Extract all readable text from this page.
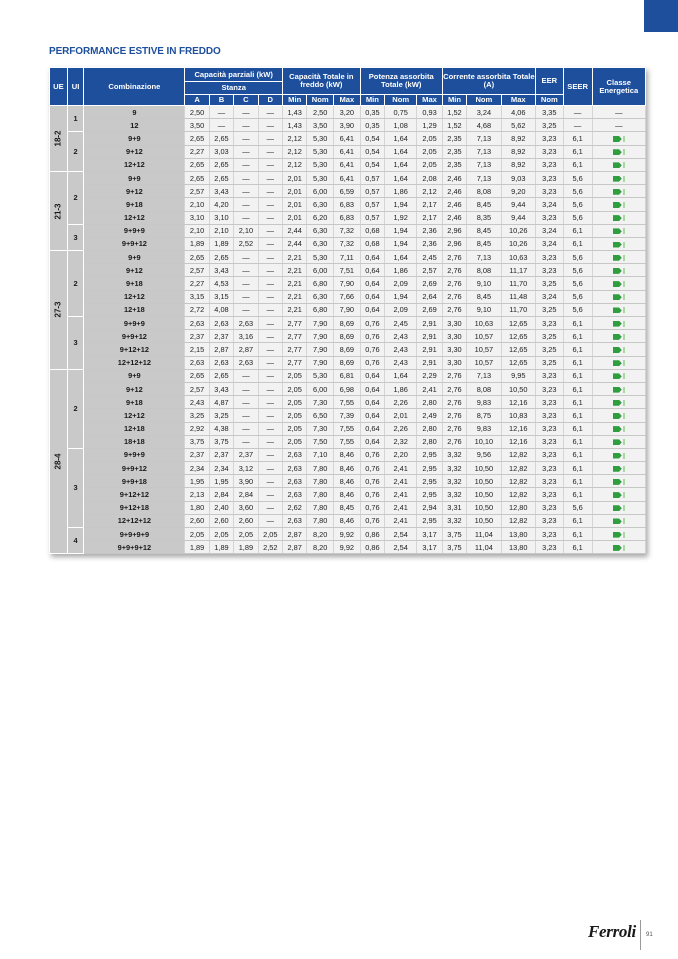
PERFORMANCE ESTIVE IN FREDDO
UE	UI	Combinazione	Capacità parziali (kW)				Capacità Totale in freddo (kW)			Potenza assorbita Totale (kW)			Corrente assorbita Totale (A)			EER	SEER	Classe Energetica
			Stanza															
			A	B	C	D	Min	Nom	Max	Min	Nom	Max	Min	Nom	Max	Nom		
18-2	1	9	2,50	—	—	—	1,43	2,50	3,20	0,35	0,75	0,93	1,52	3,24	4,06	3,35	—	—
		12	3,50	—	—	—	1,43	3,50	3,90	0,35	1,08	1,29	1,52	4,68	5,62	3,25	—	—
	2	9+9	2,65	2,65	—	—	2,12	5,30	6,41	0,54	1,64	2,05	2,35	7,13	8,92	3,23	6,1	

		9+12	2,27	3,03	—	—	2,12	5,30	6,41	0,54	1,64	2,05	2,35	7,13	8,92	3,23	6,1	

		12+12	2,65	2,65	—	—	2,12	5,30	6,41	0,54	1,64	2,05	2,35	7,13	8,92	3,23	6,1	

21-3	2	9+9	2,65	2,65	—	—	2,01	5,30	6,41	0,57	1,64	2,08	2,46	7,13	9,03	3,23	5,6	

		9+12	2,57	3,43	—	—	2,01	6,00	6,59	0,57	1,86	2,12	2,46	8,08	9,20	3,23	5,6	

		9+18	2,10	4,20	—	—	2,01	6,30	6,83	0,57	1,94	2,17	2,46	8,45	9,44	3,24	5,6	

		12+12	3,10	3,10	—	—	2,01	6,20	6,83	0,57	1,92	2,17	2,46	8,35	9,44	3,23	5,6	

	3	9+9+9	2,10	2,10	2,10	—	2,44	6,30	7,32	0,68	1,94	2,36	2,96	8,45	10,26	3,24	6,1	

		9+9+12	1,89	1,89	2,52	—	2,44	6,30	7,32	0,68	1,94	2,36	2,96	8,45	10,26	3,24	6,1	

27-3	2	9+9	2,65	2,65	—	—	2,21	5,30	7,11	0,64	1,64	2,45	2,76	7,13	10,63	3,23	5,6	

		9+12	2,57	3,43	—	—	2,21	6,00	7,51	0,64	1,86	2,57	2,76	8,08	11,17	3,23	5,6	

		9+18	2,27	4,53	—	—	2,21	6,80	7,90	0,64	2,09	2,69	2,76	9,10	11,70	3,25	5,6	

		12+12	3,15	3,15	—	—	2,21	6,30	7,66	0,64	1,94	2,64	2,76	8,45	11,48	3,24	5,6	

		12+18	2,72	4,08	—	—	2,21	6,80	7,90	0,64	2,09	2,69	2,76	9,10	11,70	3,25	5,6	

	3	9+9+9	2,63	2,63	2,63	—	2,77	7,90	8,69	0,76	2,45	2,91	3,30	10,63	12,65	3,23	6,1	

		9+9+12	2,37	2,37	3,16	—	2,77	7,90	8,69	0,76	2,43	2,91	3,30	10,57	12,65	3,25	6,1	

		9+12+12	2,15	2,87	2,87	—	2,77	7,90	8,69	0,76	2,43	2,91	3,30	10,57	12,65	3,25	6,1	

		12+12+12	2,63	2,63	2,63	—	2,77	7,90	8,69	0,76	2,43	2,91	3,30	10,57	12,65	3,25	6,1	

28-4	2	9+9	2,65	2,65	—	—	2,05	5,30	6,81	0,64	1,64	2,29	2,76	7,13	9,95	3,23	6,1	

		9+12	2,57	3,43	—	—	2,05	6,00	6,98	0,64	1,86	2,41	2,76	8,08	10,50	3,23	6,1	

		9+18	2,43	4,87	—	—	2,05	7,30	7,55	0,64	2,26	2,80	2,76	9,83	12,16	3,23	6,1	

		12+12	3,25	3,25	—	—	2,05	6,50	7,39	0,64	2,01	2,49	2,76	8,75	10,83	3,23	6,1	

		12+18	2,92	4,38	—	—	2,05	7,30	7,55	0,64	2,26	2,80	2,76	9,83	12,16	3,23	6,1	

		18+18	3,75	3,75	—	—	2,05	7,50	7,55	0,64	2,32	2,80	2,76	10,10	12,16	3,23	6,1	

	3	9+9+9	2,37	2,37	2,37	—	2,63	7,10	8,46	0,76	2,20	2,95	3,32	9,56	12,82	3,23	6,1	

		9+9+12	2,34	2,34	3,12	—	2,63	7,80	8,46	0,76	2,41	2,95	3,32	10,50	12,82	3,23	6,1	

		9+9+18	1,95	1,95	3,90	—	2,63	7,80	8,46	0,76	2,41	2,95	3,32	10,50	12,82	3,23	6,1	

		9+12+12	2,13	2,84	2,84	—	2,63	7,80	8,46	0,76	2,41	2,95	3,32	10,50	12,82	3,23	6,1	

		9+12+18	1,80	2,40	3,60	—	2,62	7,80	8,45	0,76	2,41	2,94	3,31	10,50	12,80	3,23	5,6	

		12+12+12	2,60	2,60	2,60	—	2,63	7,80	8,46	0,76	2,41	2,95	3,32	10,50	12,82	3,23	6,1	

	4	9+9+9+9	2,05	2,05	2,05	2,05	2,87	8,20	9,92	0,86	2,54	3,17	3,75	11,04	13,80	3,23	6,1	

		9+9+9+12	1,89	1,89	1,89	2,52	2,87	8,20	9,92	0,86	2,54	3,17	3,75	11,04	13,80	3,23	6,1	
Ferroli 91
